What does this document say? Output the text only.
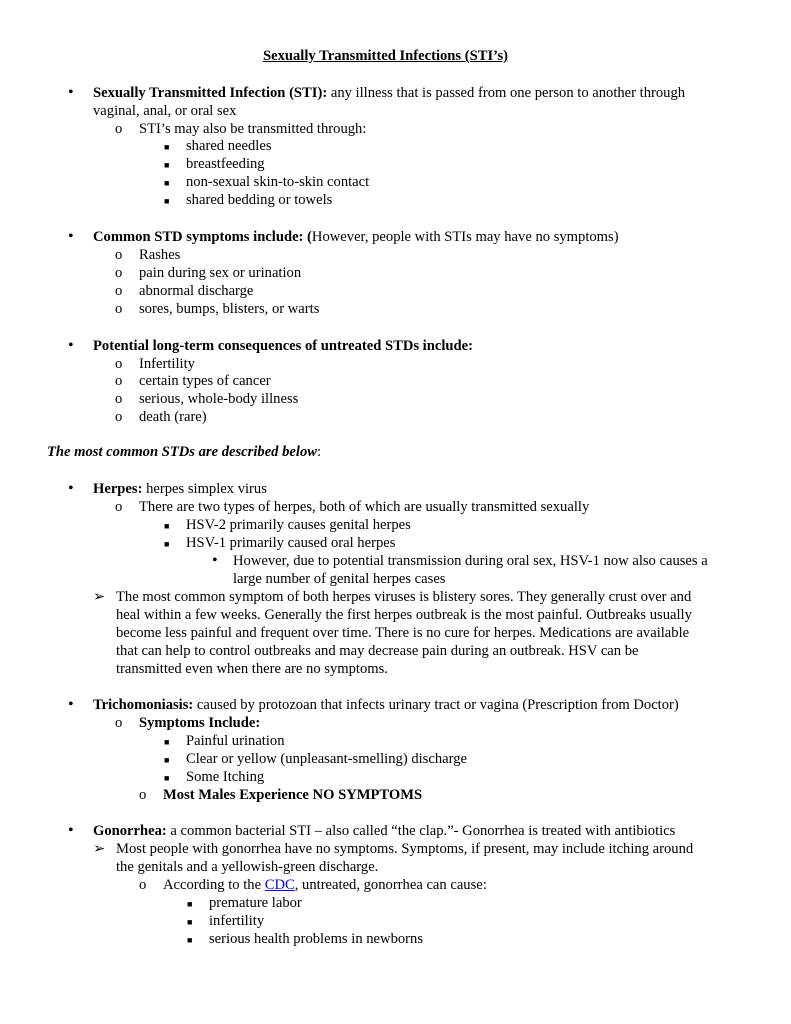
Sexually Transmitted Infections (STI’s)
• Sexually Transmitted Infection (STI): any illness that is passed from one person to another through
vaginal, anal, or oral sex
o STI’s may also be transmitted through:
■ shared needles
■ breastfeeding
■ non-sexual skin-to-skin contact
■ shared bedding or towels
• Common STD symptoms include: (However, people with STIs may have no symptoms)
o Rashes
o pain during sex or urination
o abnormal discharge
o sores, bumps, blisters, or warts
• Potential long-term consequences of untreated STDs include:
o Infertility
o certain types of cancer
o serious, whole-body illness
o death (rare)
The most common STDs are described below:
• Herpes: herpes simplex virus
o There are two types of herpes, both of which are usually transmitted sexually
■ HSV-2 primarily causes genital herpes
■ HSV-1 primarily caused oral herpes
• However, due to potential transmission during oral sex, HSV-1 now also causes a
large number of genital herpes cases
➢ The most common symptom of both herpes viruses is blistery sores. They generally crust over and
heal within a few weeks. Generally the first herpes outbreak is the most painful. Outbreaks usually
become less painful and frequent over time. There is no cure for herpes. Medications are available
that can help to control outbreaks and may decrease pain during an outbreak. HSV can be
transmitted even when there are no symptoms.
• Trichomoniasis: caused by protozoan that infects urinary tract or vagina (Prescription from Doctor)
o Symptoms Include:
■ Painful urination
■ Clear or yellow (unpleasant-smelling) discharge
■ Some Itching
o Most Males Experience NO SYMPTOMS
• Gonorrhea: a common bacterial STI – also called “the clap.”- Gonorrhea is treated with antibiotics
➢ Most people with gonorrhea have no symptoms. Symptoms, if present, may include itching around
the genitals and a yellowish-green discharge.
o According to the CDC, untreated, gonorrhea can cause:
■ premature labor
■ infertility
■ serious health problems in newborns
